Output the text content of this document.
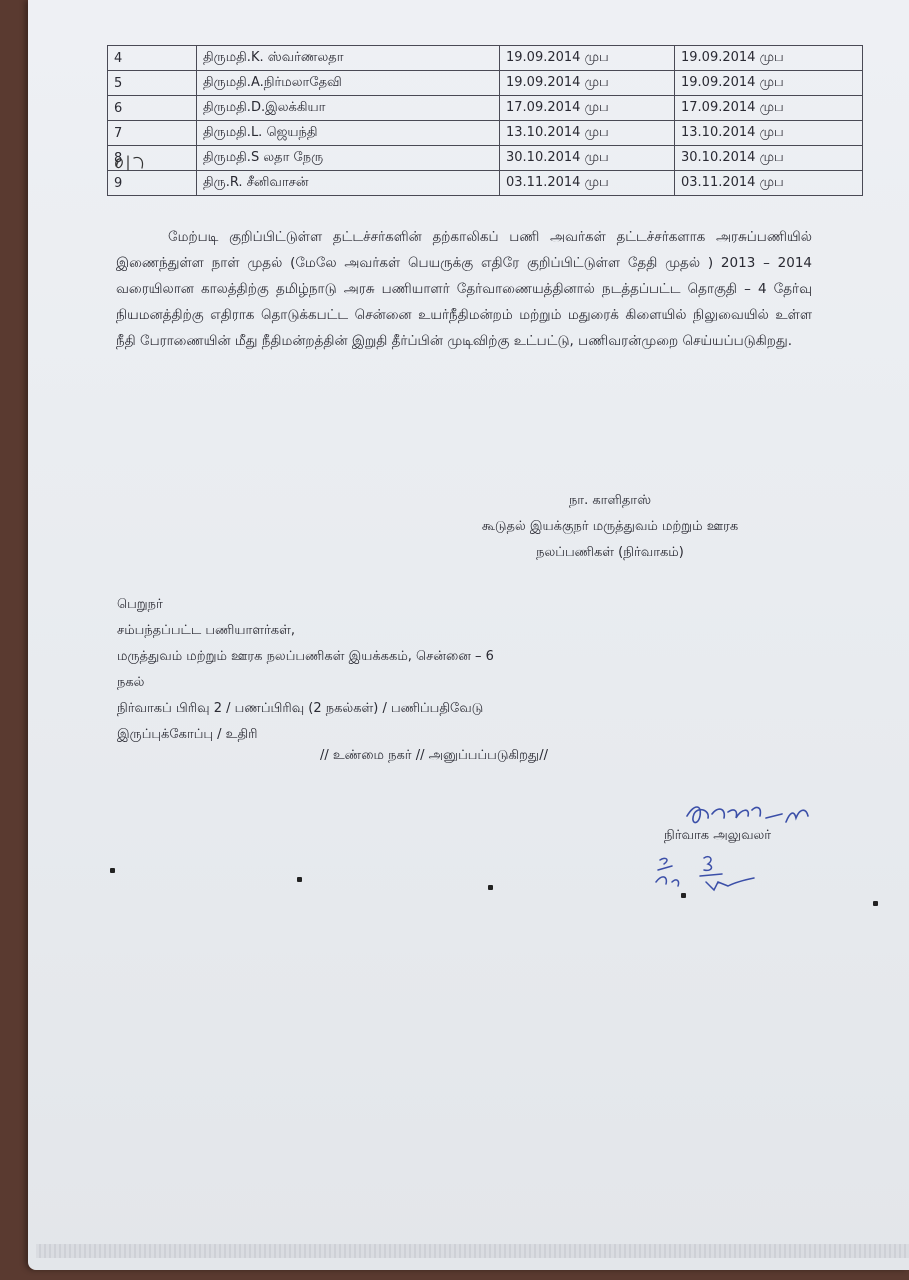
4	திருமதி.K. ஸ்வர்ணலதா	19.09.2014 முப	19.09.2014 முப
5	திருமதி.A.நிர்மலாதேவி	19.09.2014 முப	19.09.2014 முப
6	திருமதி.D.இலக்கியா	17.09.2014 முப	17.09.2014 முப
7	திருமதி.L. ஜெயந்தி	13.10.2014 முப	13.10.2014 முப
8	திருமதி.S லதா நேரு	30.10.2014 முப	30.10.2014 முப
9	திரு.R. சீனிவாசன்	03.11.2014 முப	03.11.2014 முப

மேற்படி குறிப்பிட்டுள்ள தட்டச்சர்களின் தற்காலிகப் பணி அவர்கள் தட்டச்சர்களாக அரசுப்பணியில் இணைந்துள்ள நாள் முதல் (மேலே அவர்கள் பெயருக்கு எதிரே குறிப்பிட்டுள்ள தேதி முதல் ) 2013 – 2014 வரையிலான காலத்திற்கு தமிழ்நாடு அரசு பணியாளர் தேர்வாணையத்தினால் நடத்தப்பட்ட தொகுதி – 4 தேர்வு நியமனத்திற்கு எதிராக தொடுக்கபட்ட சென்னை உயர்நீதிமன்றம் மற்றும் மதுரைக் கிளையில் நிலுவையில் உள்ள நீதி பேராணையின் மீது நீதிமன்றத்தின் இறுதி தீர்ப்பின் முடிவிற்கு உட்பட்டு, பணிவரன்முறை செய்யப்படுகிறது.

நா. காளிதாஸ்
கூடுதல் இயக்குநர் மருத்துவம் மற்றும் ஊரக
நலப்பணிகள் (நிர்வாகம்)
பெறுநர்
சம்பந்தப்பட்ட பணியாளர்கள்,
மருத்துவம் மற்றும் ஊரக நலப்பணிகள் இயக்ககம், சென்னை – 6
நகல்
நிர்வாகப் பிரிவு 2 / பணப்பிரிவு (2 நகல்கள்) / பணிப்பதிவேடு
இருப்புக்கோப்பு / உதிரி
// உண்மை நகர் // அனுப்பப்படுகிறது//
நிர்வாக அலுவலர்
